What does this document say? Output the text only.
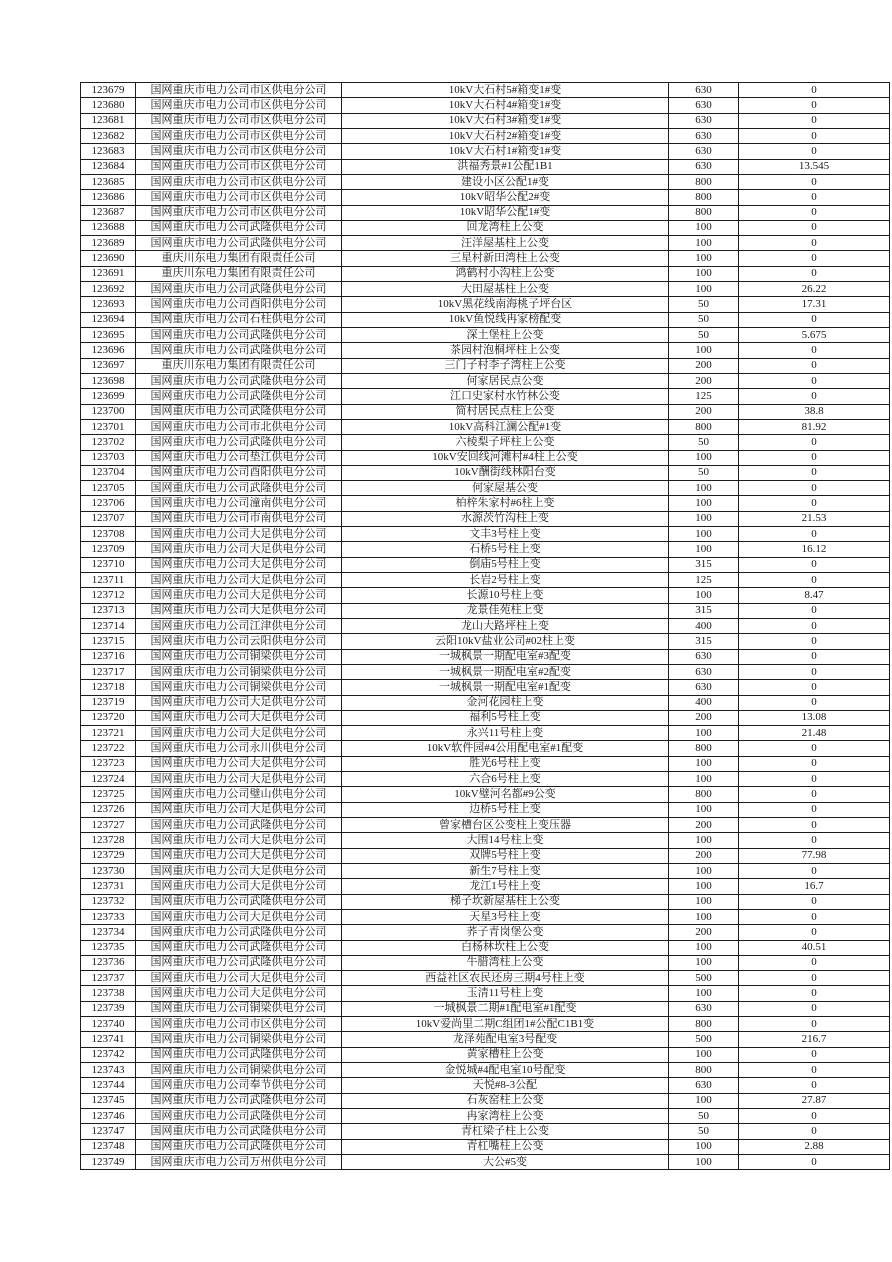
123679	国网重庆市电力公司市区供电分公司	10kV大石村5#箱变1#变	630	0
123680	国网重庆市电力公司市区供电分公司	10kV大石村4#箱变1#变	630	0
123681	国网重庆市电力公司市区供电分公司	10kV大石村3#箱变1#变	630	0
123682	国网重庆市电力公司市区供电分公司	10kV大石村2#箱变1#变	630	0
123683	国网重庆市电力公司市区供电分公司	10kV大石村1#箱变1#变	630	0
123684	国网重庆市电力公司市区供电分公司	洪福秀景#1公配1B1	630	13.545
123685	国网重庆市电力公司市区供电分公司	建设小区公配1#变	800	0
123686	国网重庆市电力公司市区供电分公司	10kV昭华公配2#变	800	0
123687	国网重庆市电力公司市区供电分公司	10kV昭华公配1#变	800	0
123688	国网重庆市电力公司武隆供电分公司	回龙湾柱上公变	100	0
123689	国网重庆市电力公司武隆供电分公司	汪洋屋基柱上公变	100	0
123690	重庆川东电力集团有限责任公司	三星村新田湾柱上公变	100	0
123691	重庆川东电力集团有限责任公司	鸿鹤村小沟柱上公变	100	0
123692	国网重庆市电力公司武隆供电分公司	大田屋基柱上公变	100	26.22
123693	国网重庆市电力公司酉阳供电分公司	10kV黑花线南海桃子坪台区	50	17.31
123694	国网重庆市电力公司石柱供电分公司	10kV鱼悦线冉家榜配变	50	0
123695	国网重庆市电力公司武隆供电分公司	深土堡柱上公变	50	5.675
123696	国网重庆市电力公司武隆供电分公司	茶园村泡桐坪柱上公变	100	0
123697	重庆川东电力集团有限责任公司	三门子村李子湾柱上公变	200	0
123698	国网重庆市电力公司武隆供电分公司	何家居民点公变	200	0
123699	国网重庆市电力公司武隆供电分公司	江口史家村水竹林公变	125	0
123700	国网重庆市电力公司武隆供电分公司	简村居民点柱上公变	200	38.8
123701	国网重庆市电力公司市北供电分公司	10kV高科江澜公配#1变	800	81.92
123702	国网重庆市电力公司武隆供电分公司	六棱梨子坪柱上公变	50	0
123703	国网重庆市电力公司垫江供电分公司	10kV安回线河滩村#4柱上公变	100	0
123704	国网重庆市电力公司酉阳供电分公司	10kV酬街线林阳台变	50	0
123705	国网重庆市电力公司武隆供电分公司	何家屋基公变	100	0
123706	国网重庆市电力公司潼南供电分公司	柏梓朱家村#6柱上变	100	0
123707	国网重庆市电力公司市南供电分公司	水源茨竹沟柱上变	100	21.53
123708	国网重庆市电力公司大足供电分公司	文丰3号柱上变	100	0
123709	国网重庆市电力公司大足供电分公司	石桥5号柱上变	100	16.12
123710	国网重庆市电力公司大足供电分公司	倒庙5号柱上变	315	0
123711	国网重庆市电力公司大足供电分公司	长岩2号柱上变	125	0
123712	国网重庆市电力公司大足供电分公司	长源10号柱上变	100	8.47
123713	国网重庆市电力公司大足供电分公司	龙景佳苑柱上变	315	0
123714	国网重庆市电力公司江津供电分公司	龙山大路坪柱上变	400	0
123715	国网重庆市电力公司云阳供电分公司	云阳10kV盐业公司#02柱上变	315	0
123716	国网重庆市电力公司铜梁供电分公司	一城枫景一期配电室#3配变	630	0
123717	国网重庆市电力公司铜梁供电分公司	一城枫景一期配电室#2配变	630	0
123718	国网重庆市电力公司铜梁供电分公司	一城枫景一期配电室#1配变	630	0
123719	国网重庆市电力公司大足供电分公司	金河花园柱上变	400	0
123720	国网重庆市电力公司大足供电分公司	福利5号柱上变	200	13.08
123721	国网重庆市电力公司大足供电分公司	永兴11号柱上变	100	21.48
123722	国网重庆市电力公司永川供电分公司	10kV软件园#4公用配电室#1配变	800	0
123723	国网重庆市电力公司大足供电分公司	胜光6号柱上变	100	0
123724	国网重庆市电力公司大足供电分公司	六合6号柱上变	100	0
123725	国网重庆市电力公司璧山供电分公司	10kV璧河名都#9公变	800	0
123726	国网重庆市电力公司大足供电分公司	边桥5号柱上变	100	0
123727	国网重庆市电力公司武隆供电分公司	曾家槽台区公变柱上变压器	200	0
123728	国网重庆市电力公司大足供电分公司	大围14号柱上变	100	0
123729	国网重庆市电力公司大足供电分公司	双牌5号柱上变	200	77.98
123730	国网重庆市电力公司大足供电分公司	新生7号柱上变	100	0
123731	国网重庆市电力公司大足供电分公司	龙江1号柱上变	100	16.7
123732	国网重庆市电力公司武隆供电分公司	梯子坎新屋基柱上公变	100	0
123733	国网重庆市电力公司大足供电分公司	天星3号柱上变	100	0
123734	国网重庆市电力公司武隆供电分公司	荞子青岗堡公变	200	0
123735	国网重庆市电力公司武隆供电分公司	白杨林坎柱上公变	100	40.51
123736	国网重庆市电力公司武隆供电分公司	牛腊湾柱上公变	100	0
123737	国网重庆市电力公司大足供电分公司	西益社区农民还房三期4号柱上变	500	0
123738	国网重庆市电力公司大足供电分公司	玉清11号柱上变	100	0
123739	国网重庆市电力公司铜梁供电分公司	一城枫景二期#1配电室#1配变	630	0
123740	国网重庆市电力公司市区供电分公司	10kV爱尚里二期C组团1#公配C1B1变	800	0
123741	国网重庆市电力公司铜梁供电分公司	龙泽苑配电室3号配变	500	216.7
123742	国网重庆市电力公司武隆供电分公司	黄家槽柱上公变	100	0
123743	国网重庆市电力公司铜梁供电分公司	金悦城#4配电室10号配变	800	0
123744	国网重庆市电力公司奉节供电分公司	天悦#8-3公配	630	0
123745	国网重庆市电力公司武隆供电分公司	石灰窑柱上公变	100	27.87
123746	国网重庆市电力公司武隆供电分公司	冉家湾柱上公变	50	0
123747	国网重庆市电力公司武隆供电分公司	青杠梁子柱上公变	50	0
123748	国网重庆市电力公司武隆供电分公司	青杠嘴柱上公变	100	2.88
123749	国网重庆市电力公司万州供电分公司	大公#5变	100	0
